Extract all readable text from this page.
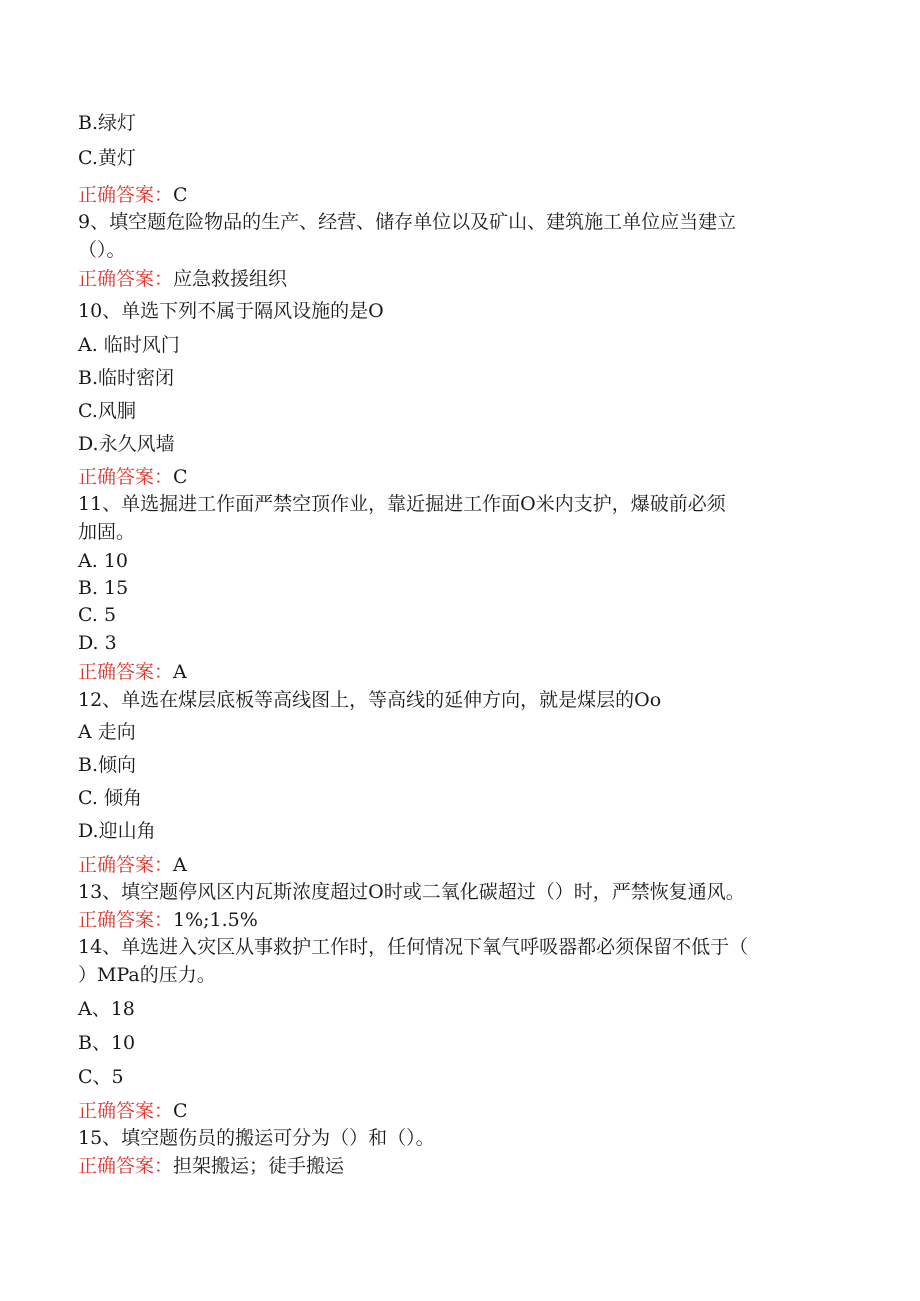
B.绿灯
C.黄灯
正确答案：C
9、填空题危险物品的生产、经营、储存单位以及矿山、建筑施工单位应当建立
（）。
正确答案：应急救援组织
10、单选下列不属于隔风设施的是O
A. 临时风门
B.临时密闭
C.风胴
D.永久风墙
正确答案：C
11、单选掘进工作面严禁空顶作业，靠近掘进工作面O米内支护，爆破前必须
加固。
A. 10
B. 15
C. 5
D. 3
正确答案：A
12、单选在煤层底板等高线图上，等高线的延伸方向，就是煤层的Oo
A 走向
B.倾向
C. 倾角
D.迎山角
正确答案：A
13、填空题停风区内瓦斯浓度超过O时或二氧化碳超过（）时，严禁恢复通风。
正确答案：1%;1.5%
14、单选进入灾区从事救护工作时，任何情况下氧气呼吸器都必须保留不低于（
）MPa的压力。
A、18
B、10
C、5
正确答案：C
15、填空题伤员的搬运可分为（）和（）。
正确答案：担架搬运；徒手搬运
